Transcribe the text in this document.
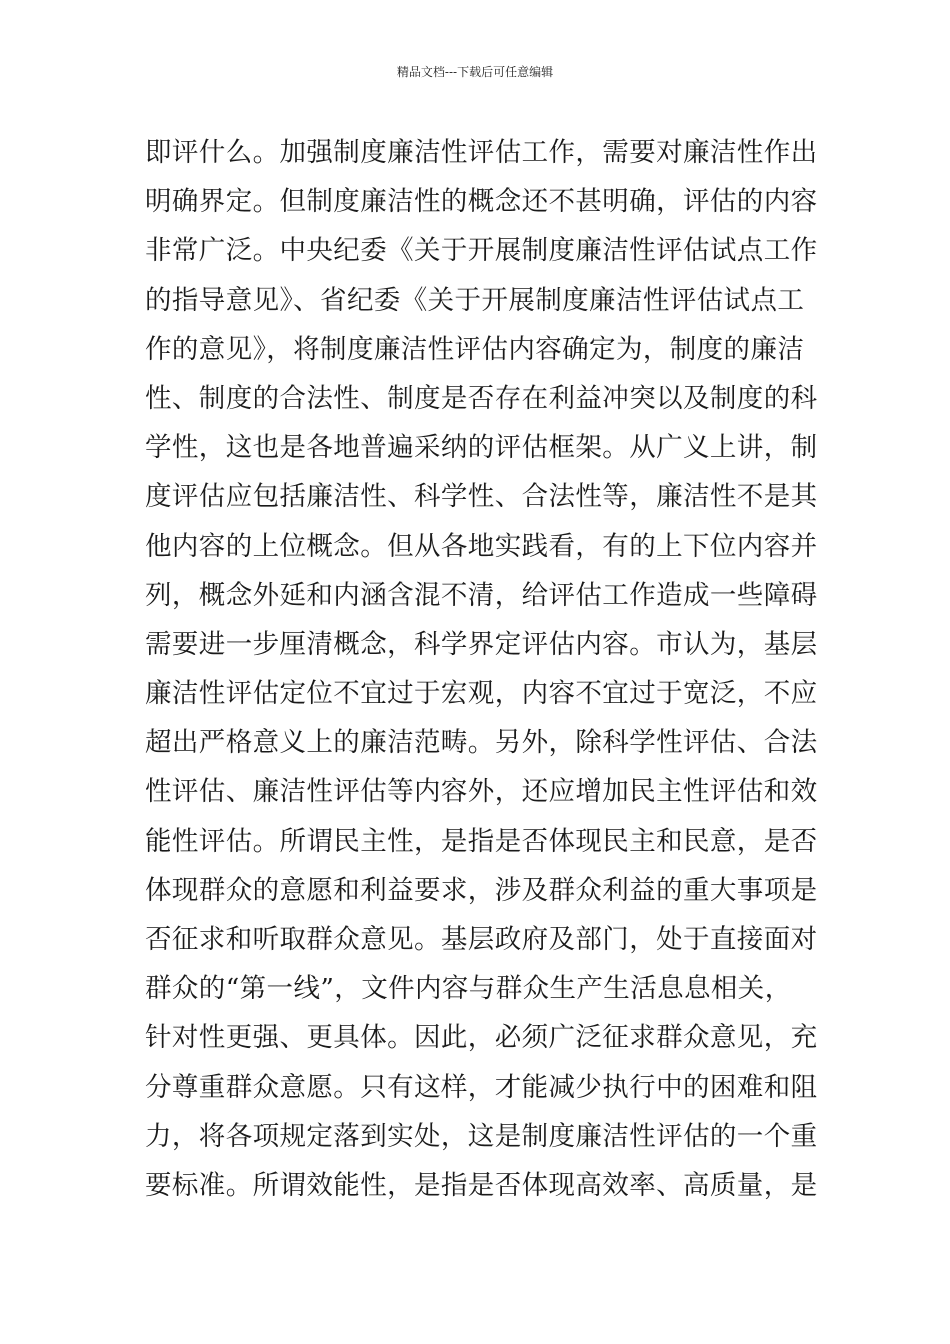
精品文档---下载后可任意编辑
即评什么。加强制度廉洁性评估工作，需要对廉洁性作出
明确界定。但制度廉洁性的概念还不甚明确，评估的内容
非常广泛。中央纪委《关于开展制度廉洁性评估试点工作
的指导意见》、省纪委《关于开展制度廉洁性评估试点工
作的意见》，将制度廉洁性评估内容确定为，制度的廉洁
性、制度的合法性、制度是否存在利益冲突以及制度的科
学性，这也是各地普遍采纳的评估框架。从广义上讲，制
度评估应包括廉洁性、科学性、合法性等，廉洁性不是其
他内容的上位概念。但从各地实践看，有的上下位内容并
列，概念外延和内涵含混不清，给评估工作造成一些障碍
需要进一步厘清概念，科学界定评估内容。市认为，基层
廉洁性评估定位不宜过于宏观，内容不宜过于宽泛，不应
超出严格意义上的廉洁范畴。另外，除科学性评估、合法
性评估、廉洁性评估等内容外，还应增加民主性评估和效
能性评估。所谓民主性，是指是否体现民主和民意，是否
体现群众的意愿和利益要求，涉及群众利益的重大事项是
否征求和听取群众意见。基层政府及部门，处于直接面对
群众的“第一线”，文件内容与群众生产生活息息相关，
针对性更强、更具体。因此，必须广泛征求群众意见，充
分尊重群众意愿。只有这样，才能减少执行中的困难和阻
力，将各项规定落到实处，这是制度廉洁性评估的一个重
要标准。所谓效能性，是指是否体现高效率、高质量，是
